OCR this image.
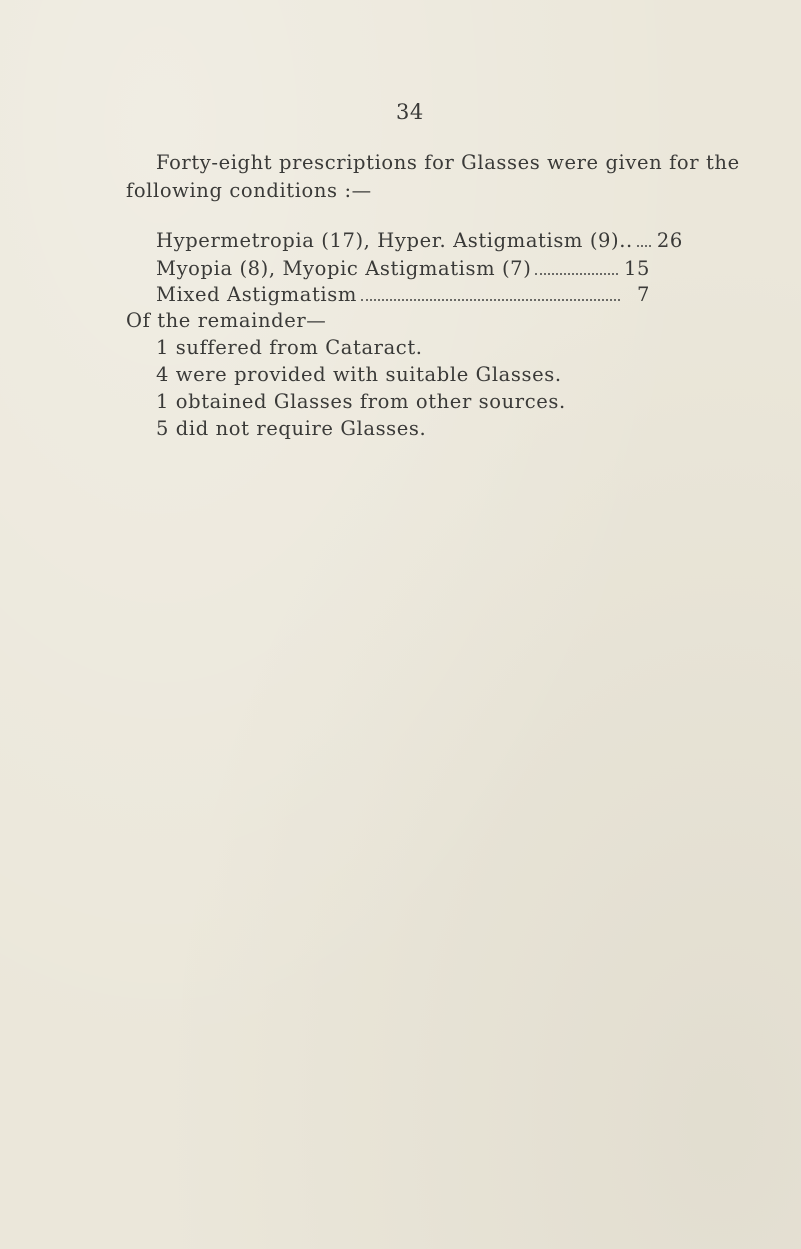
34
Forty-eight prescriptions for Glasses were given for the
following conditions :—
Hypermetropia (17), Hyper. Astigmatism (9).. 26
Myopia (8), Myopic Astigmatism (7)	15
Mixed Astigmatism	7
Of the remainder—
1 suffered from Cataract.
4 were provided with suitable Glasses.
1 obtained Glasses from other sources.
5 did not require Glasses.
